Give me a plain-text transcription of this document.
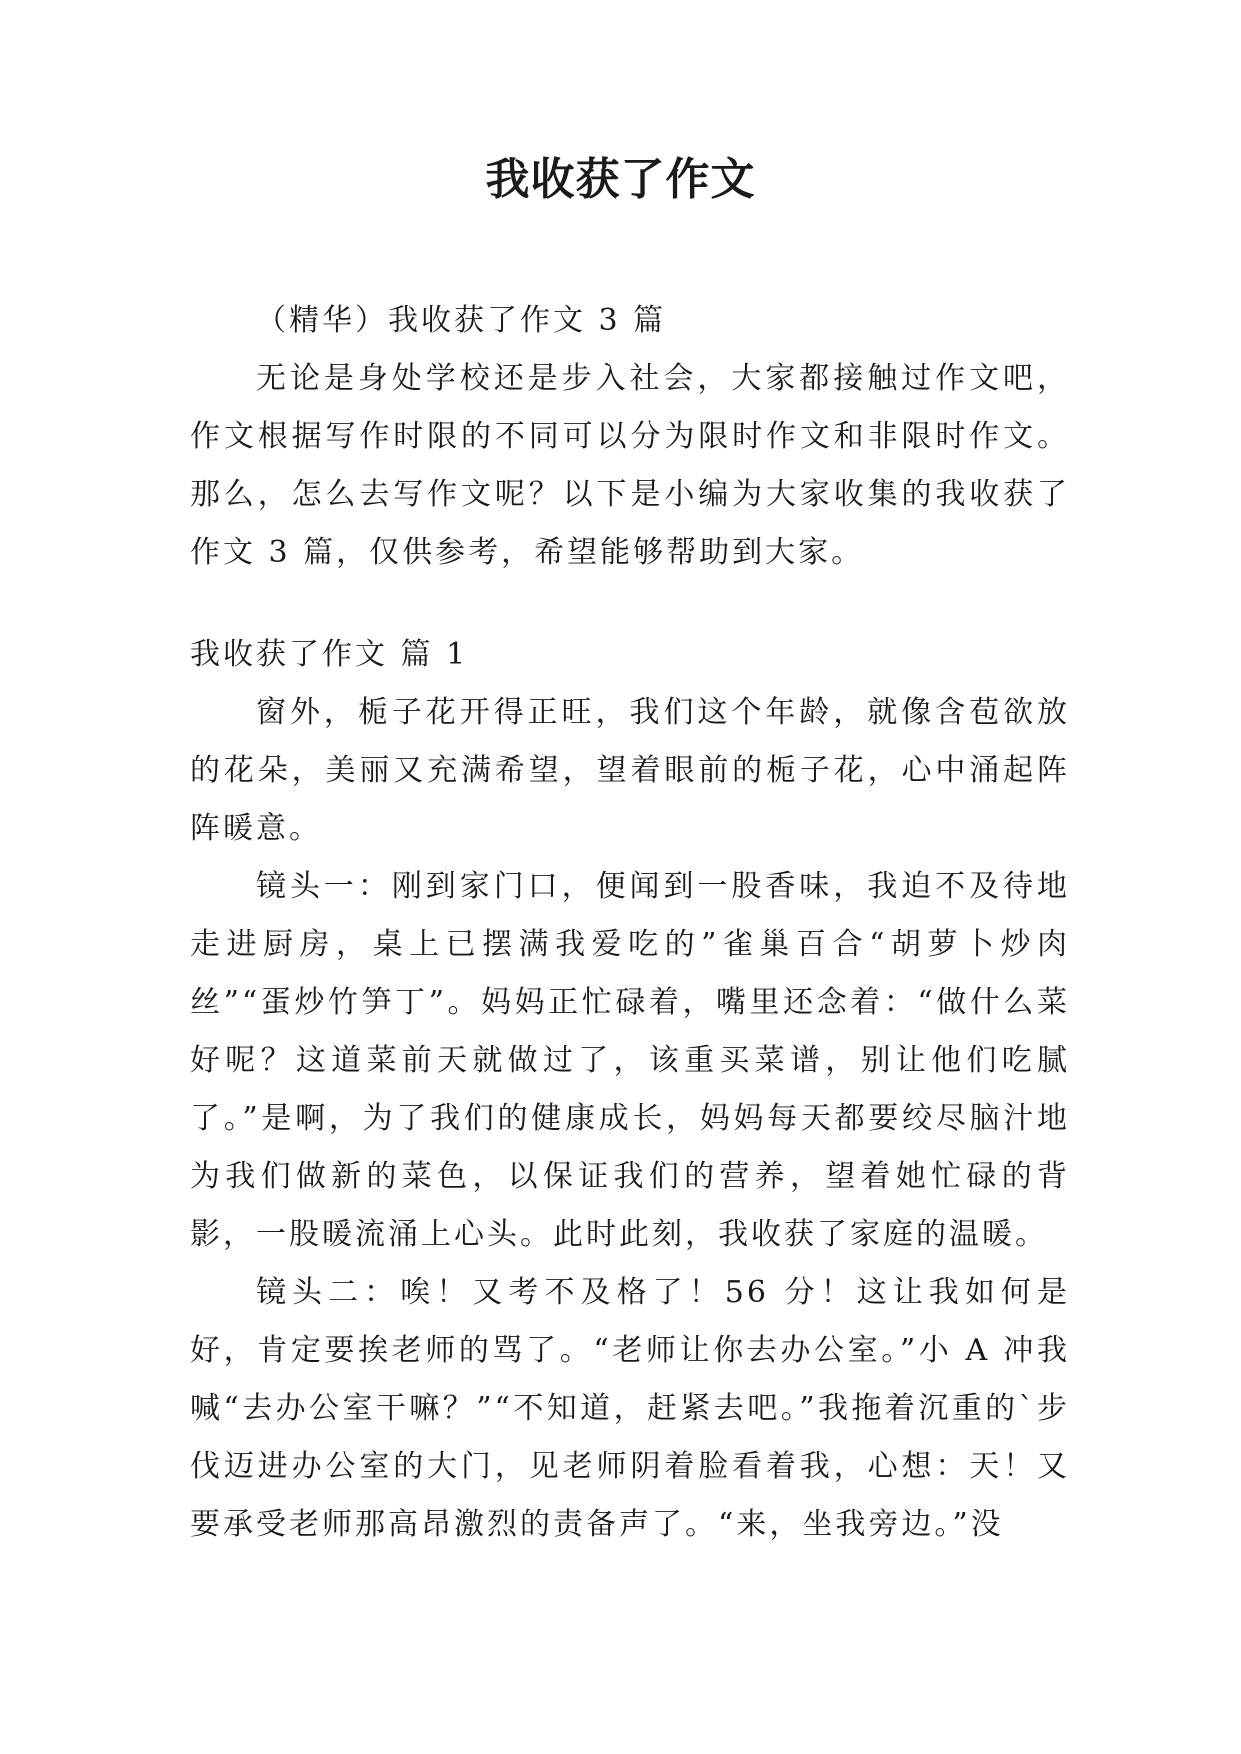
我收获了作文

（精华）我收获了作文 3 篇

无论是身处学校还是步入社会，大家都接触过作文吧，作文根据写作时限的不同可以分为限时作文和非限时作文。那么，怎么去写作文呢？以下是小编为大家收集的我收获了作文 3 篇，仅供参考，希望能够帮助到大家。

我收获了作文 篇 1

窗外，栀子花开得正旺，我们这个年龄，就像含苞欲放的花朵，美丽又充满希望，望着眼前的栀子花，心中涌起阵阵暖意。

镜头一：刚到家门口，便闻到一股香味，我迫不及待地走进厨房，桌上已摆满我爱吃的”雀巢百合“胡萝卜炒肉丝”“蛋炒竹笋丁”。妈妈正忙碌着，嘴里还念着：“做什么菜好呢？这道菜前天就做过了，该重买菜谱，别让他们吃腻了。”是啊，为了我们的健康成长，妈妈每天都要绞尽脑汁地为我们做新的菜色，以保证我们的营养，望着她忙碌的背影，一股暖流涌上心头。此时此刻，我收获了家庭的温暖。

镜头二：唉！又考不及格了！56 分！这让我如何是好，肯定要挨老师的骂了。“老师让你去办公室。”小 A 冲我喊“去办公室干嘛？”“不知道，赶紧去吧。”我拖着沉重的`步伐迈进办公室的大门，见老师阴着脸看着我，心想：天！又要承受老师那高昂激烈的责备声了。“来，坐我旁边。”没
